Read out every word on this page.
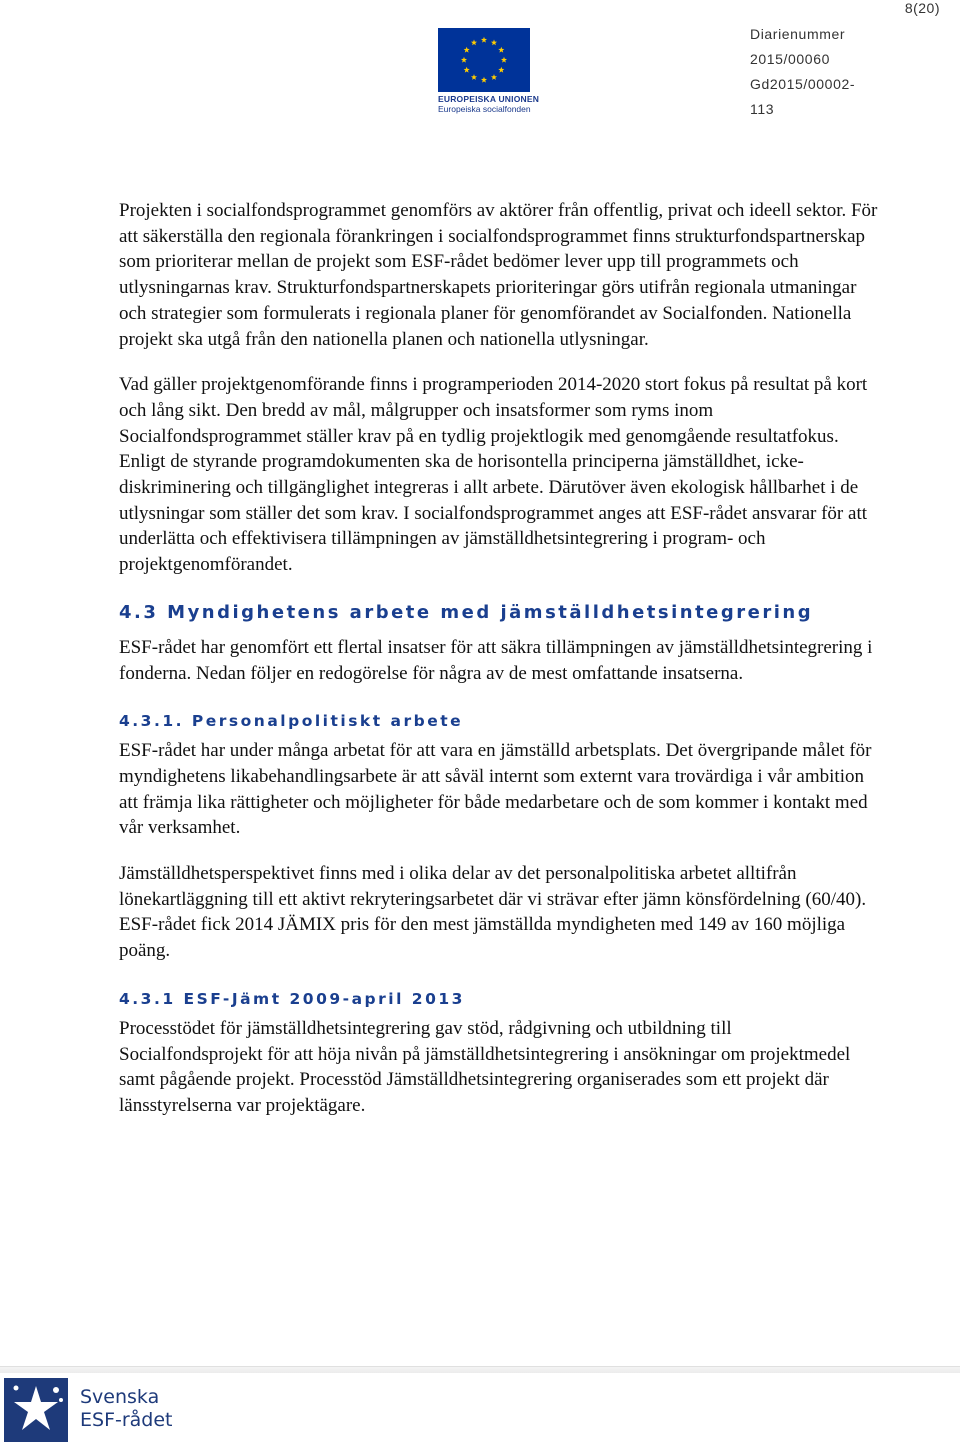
8(20)
EUROPEISKA UNIONEN
Europeiska socialfonden
Diarienummer
2015/00060
Gd2015/00002-
113

Projekten i socialfondsprogrammet genomförs av aktörer från offentlig, privat och ideell sektor. För att säkerställa den regionala förankringen i socialfondsprogrammet finns strukturfondspartnerskap som prioriterar mellan de projekt som ESF-rådet bedömer lever upp till programmets och utlysningarnas krav. Strukturfondspartnerskapets prioriteringar görs utifrån regionala utmaningar och strategier som formulerats i regionala planer för genomförandet av Socialfonden. Nationella projekt ska utgå från den nationella planen och nationella utlysningar.

Vad gäller projektgenomförande finns i programperioden 2014-2020 stort fokus på resultat på kort och lång sikt. Den bredd av mål, målgrupper och insatsformer som ryms inom Socialfondsprogrammet ställer krav på en tydlig projektlogik med genomgående resultatfokus. Enligt de styrande programdokumenten ska de horisontella principerna jämställdhet, icke-diskriminering och tillgänglighet integreras i allt arbete. Därutöver även ekologisk hållbarhet i de utlysningar som ställer det som krav. I socialfondsprogrammet anges att ESF-rådet ansvarar för att underlätta och effektivisera tillämpningen av jämställdhetsintegrering i program- och projektgenomförandet.

4.3 Myndighetens arbete med jämställdhetsintegrering

ESF-rådet har genomfört ett flertal insatser för att säkra tillämpningen av jämställdhetsintegrering i fonderna. Nedan följer en redogörelse för några av de mest omfattande insatserna.

4.3.1. Personalpolitiskt arbete

ESF-rådet har under många arbetat för att vara en jämställd arbetsplats. Det övergripande målet för myndighetens likabehandlingsarbete är att såväl internt som externt vara trovärdiga i vår ambition att främja lika rättigheter och möjligheter för både medarbetare och de som kommer i kontakt med vår verksamhet.

Jämställdhetsperspektivet finns med i olika delar av det personalpolitiska arbetet alltifrån lönekartläggning till ett aktivt rekryteringsarbetet där vi strävar efter jämn könsfördelning (60/40). ESF-rådet fick 2014 JÄMIX pris för den mest jämställda myndigheten med 149 av 160 möjliga poäng.

4.3.1 ESF-Jämt 2009-april 2013

Processtödet för jämställdhetsintegrering gav stöd, rådgivning och utbildning till Socialfondsprojekt för att höja nivån på jämställdhetsintegrering i ansökningar om projektmedel samt pågående projekt. Processtöd Jämställdhetsintegrering organiserades som ett projekt där länsstyrelserna var projektägare.

Svenska
ESF-rådet
